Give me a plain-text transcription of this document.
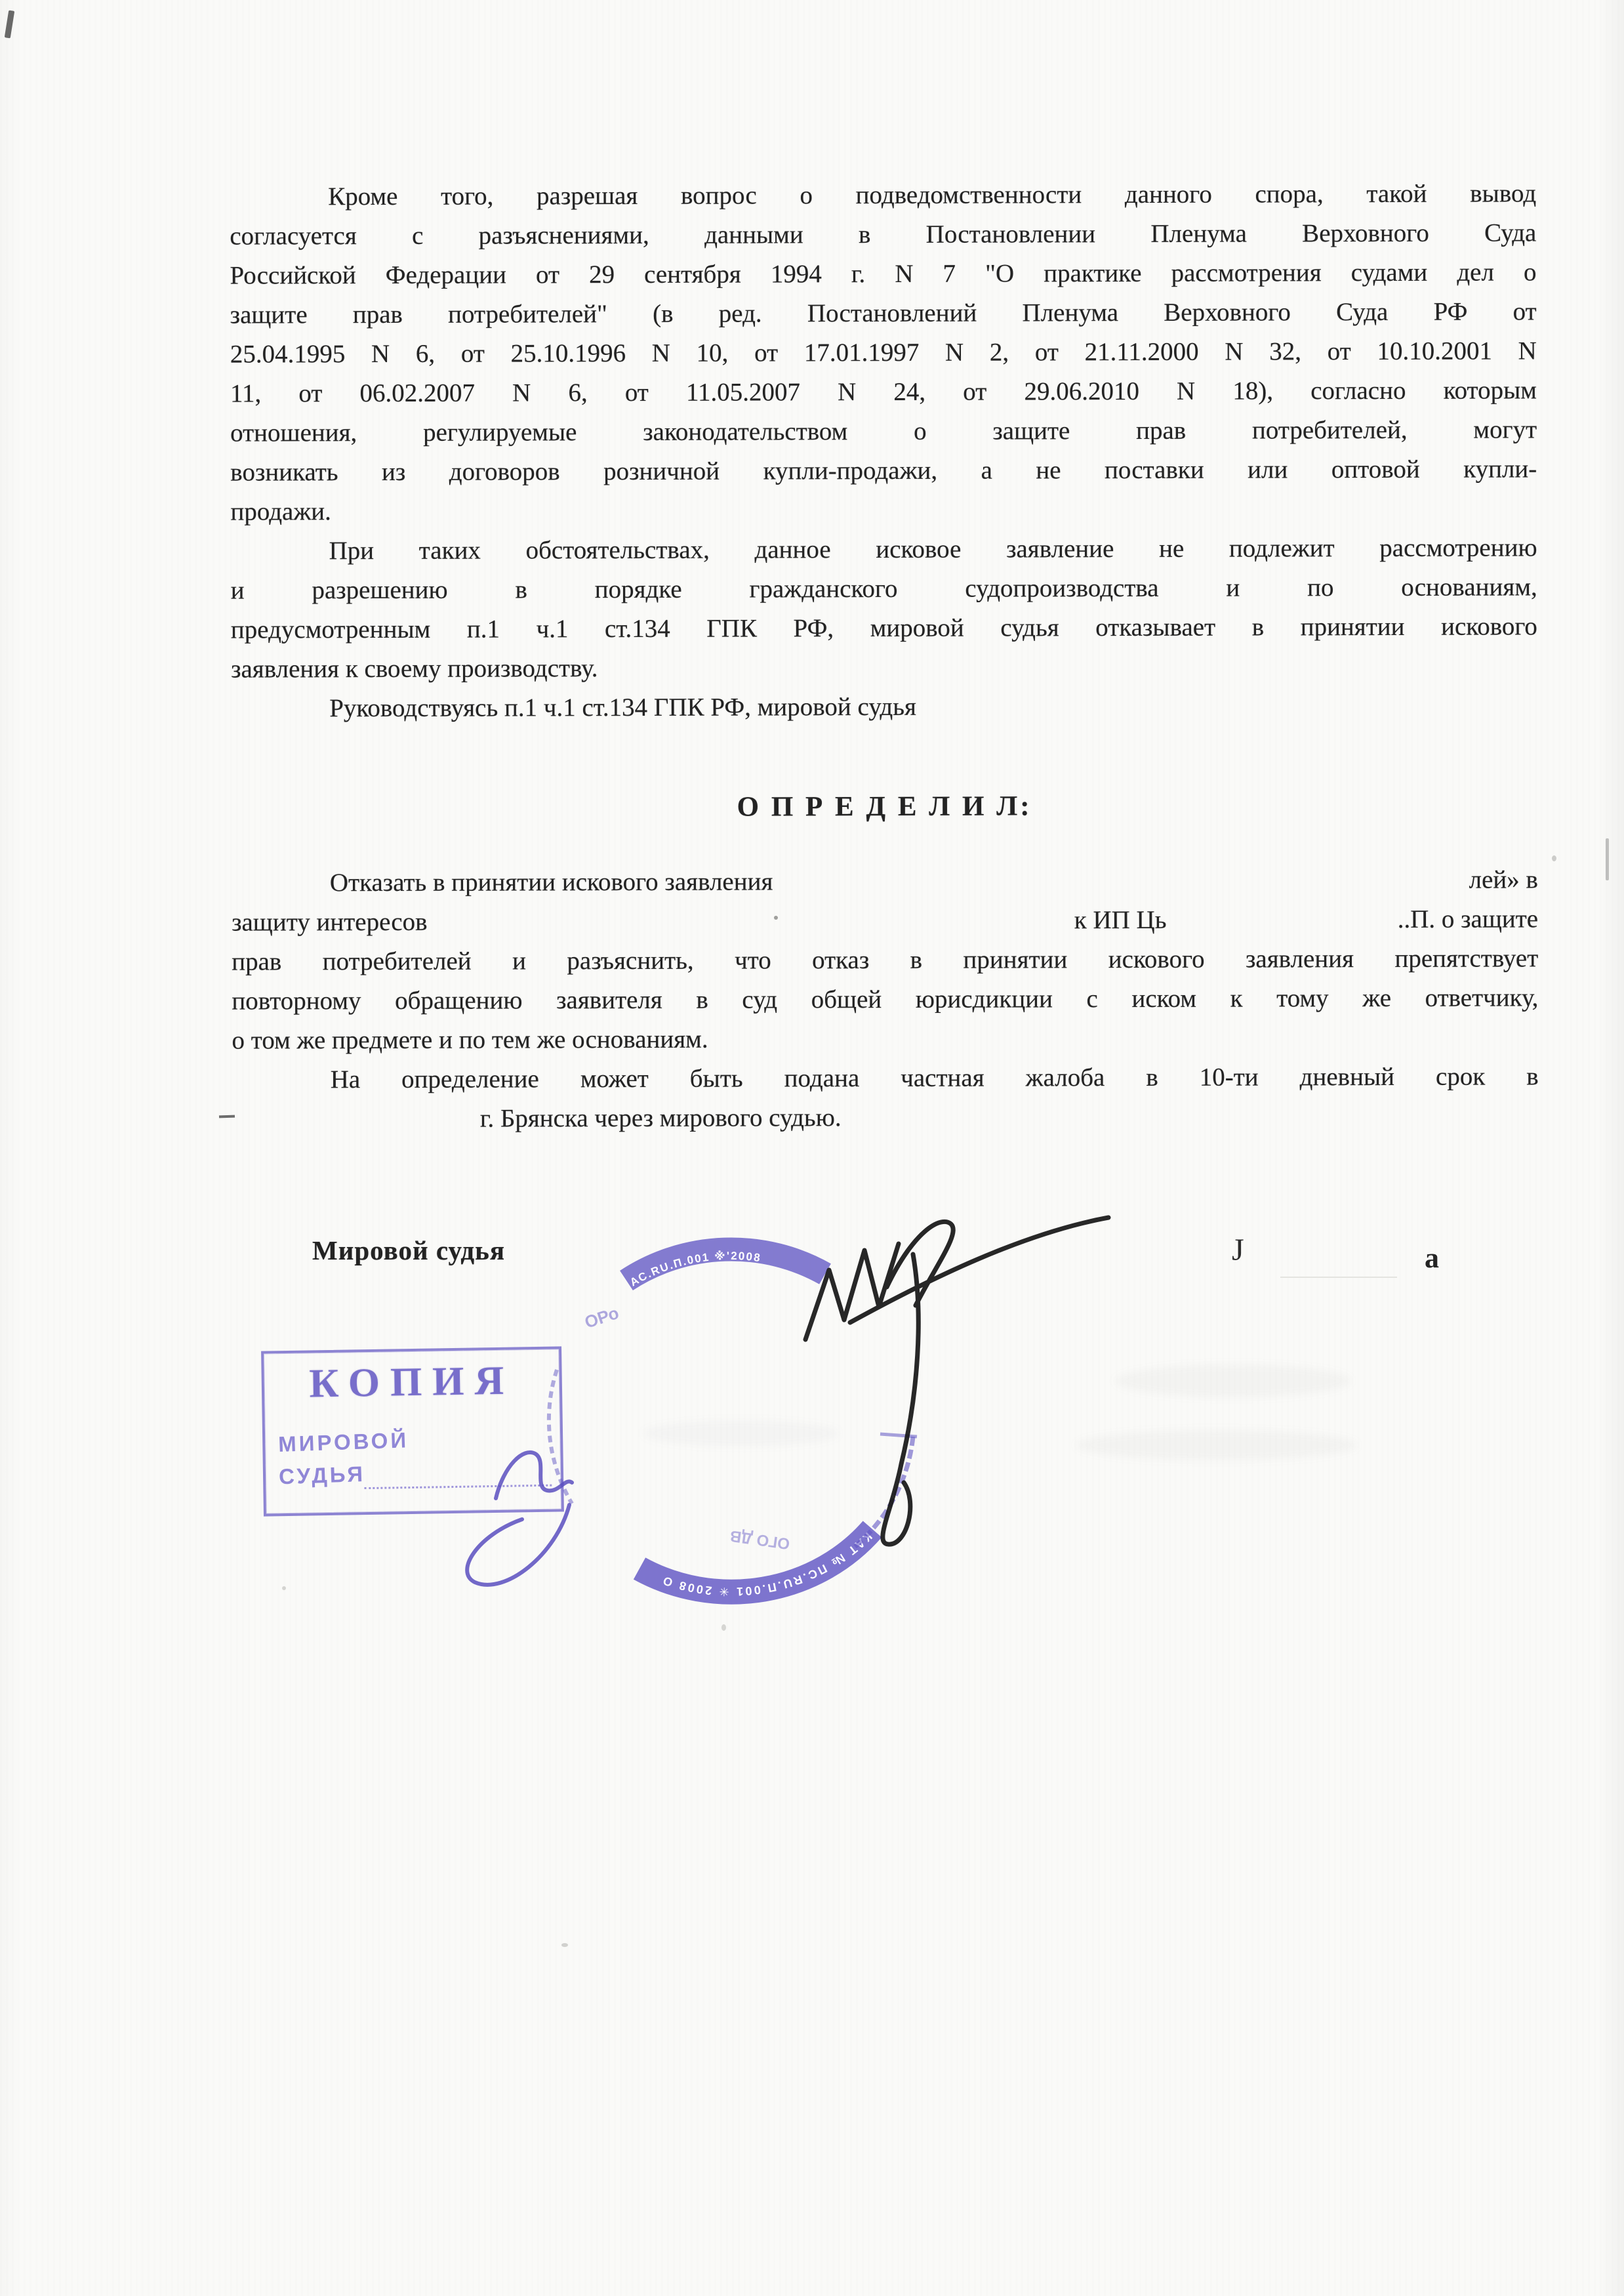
Кроме того, разрешая вопрос о подведомственности данного спора, такой вывод
согласуется с разъяснениями, данными в Постановлении Пленума Верховного Суда
Российской Федерации от 29 сентября 1994 г. N 7 "О практике рассмотрения судами дел о
защите прав потребителей" (в ред. Постановлений Пленума Верховного Суда РФ от
25.04.1995 N 6, от 25.10.1996 N 10, от 17.01.1997 N 2, от 21.11.2000 N 32, от 10.10.2001 N
11, от 06.02.2007 N 6, от 11.05.2007 N 24, от 29.06.2010 N 18), согласно которым
отношения, регулируемые законодательством о защите прав потребителей, могут
возникать из договоров розничной купли-продажи, а не поставки или оптовой купли-
продажи.
При таких обстоятельствах, данное исковое заявление не подлежит рассмотрению
и разрешению в порядке гражданского судопроизводства и по основаниям,
предусмотренным п.1 ч.1 ст.134 ГПК РФ, мировой судья отказывает в принятии искового
заявления к своему производству.
Руководствуясь п.1 ч.1 ст.134 ГПК РФ, мировой судья
О П Р Е Д Е Л И Л:
Отказать в принятии искового заявления	лей» в
защиту интересов	к ИП Ць	..П. о защите
прав потребителей и разъяснить, что отказ в принятии искового заявления препятствует
повторному обращению заявителя в суд общей юрисдикции с иском к тому же ответчику,
о том же предмете и по тем же основаниям.
На определение может быть подана частная жалоба в 10-ти дневный срок в
г. Брянска через мирового судью.
Мировой судья	J	а
КОПИЯ
МИРОВОЙ
СУДЬЯ
АС.RU.П.001 ※'2008
ОРо
КАТ № ПС.RU.П.001 ✳ 2008 О
ОГО ДВ
